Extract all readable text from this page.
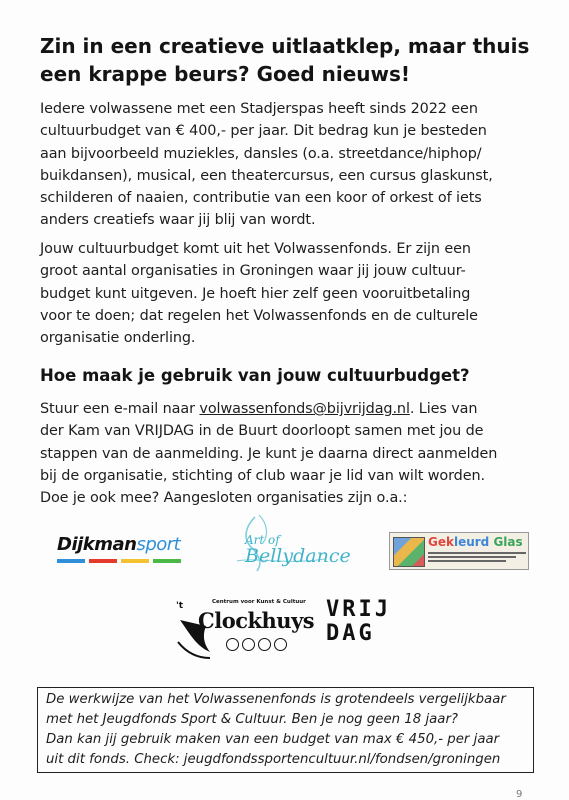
Zin in een creatieve uitlaatklep, maar thuis
een krappe beurs? Goed nieuws!

Iedere volwassene met een Stadjerspas heeft sinds 2022 een
cultuurbudget van € 400,- per jaar. Dit bedrag kun je besteden
aan bijvoorbeeld muziekles, dansles (o.a. streetdance/hiphop/
buikdansen), musical, een theatercursus, een cursus glaskunst,
schilderen of naaien, contributie van een koor of orkest of iets
anders creatiefs waar jij blij van wordt.

Jouw cultuurbudget komt uit het Volwassenfonds. Er zijn een
groot aantal organisaties in Groningen waar jij jouw cultuur-
budget kunt uitgeven. Je hoeft hier zelf geen vooruitbetaling
voor te doen; dat regelen het Volwassenfonds en de culturele
organisatie onderling.

Hoe maak je gebruik van jouw cultuurbudget?

Stuur een e-mail naar volwassenfonds@bijvrijdag.nl. Lies van
der Kam van VRIJDAG in de Buurt doorloopt samen met jou de
stappen van de aanmelding. Je kunt je daarna direct aanmelden
bij de organisatie, stichting of club waar je lid van wilt worden.
Doe je ook mee? Aangesloten organisaties zijn o.a.:

Dijkmansport	Art of
Bellydance
Gekleurd Glas
't	Centrum voor Kunst & Cultuur
Clockhuys VRIJ
DAG
De werkwijze van het Volwassenenfonds is grotendeels vergelijkbaar
met het Jeugdfonds Sport & Cultuur. Ben je nog geen 18 jaar?
Dan kan jij gebruik maken van een budget van max € 450,- per jaar
uit dit fonds. Check: jeugdfondssportencultuur.nl/fondsen/groningen
9
